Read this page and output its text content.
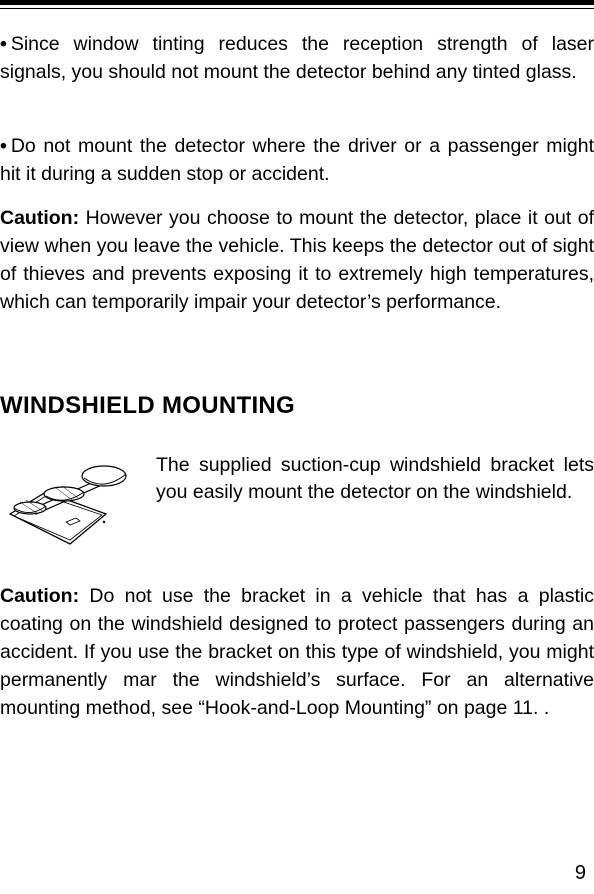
• Since window tinting reduces the reception strength of laser signals, you should not mount the detector behind any tinted glass.
• Do not mount the detector where the driver or a passenger might hit it during a sudden stop or accident.
Caution: However you choose to mount the detector, place it out of view when you leave the vehicle. This keeps the detector out of sight of thieves and prevents exposing it to extremely high temperatures, which can temporarily impair your detector’s performance.
WINDSHIELD MOUNTING
The supplied suction-cup windshield bracket lets you easily mount the detector on the windshield.
Caution: Do not use the bracket in a vehicle that has a plastic coating on the windshield designed to protect passengers during an accident. If you use the bracket on this type of windshield, you might permanently mar the windshield’s surface. For an alternative mounting method, see “Hook-and-Loop Mounting” on page 11. .
9
